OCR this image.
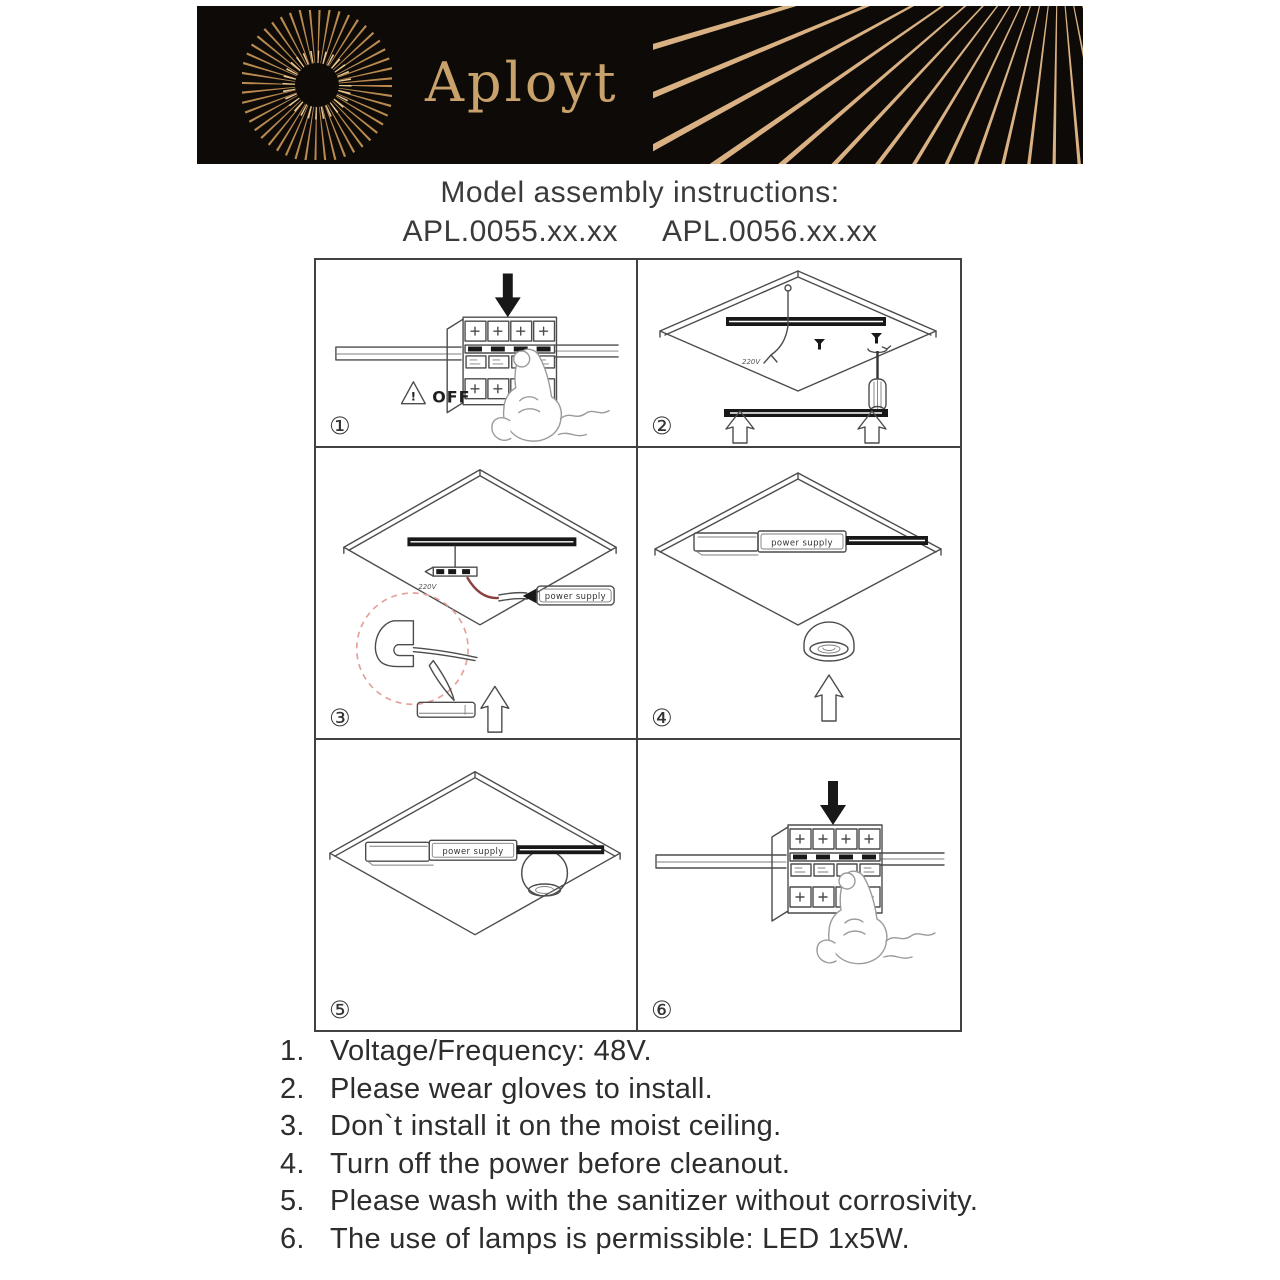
Aployt
Model assembly instructions:
APL.0055.xx.xx APL.0056.xx.xx
! OFF
①
220V
②
220V
power supply
③
power supply
④
power supply
⑤	⑥
1. Voltage/Frequency: 48V.
2. Please wear gloves to install.
3. Don`t install it on the moist ceiling.
4. Turn off the power before cleanout.
5. Please wash with the sanitizer without corrosivity.
6. The use of lamps is permissible: LED 1x5W.
